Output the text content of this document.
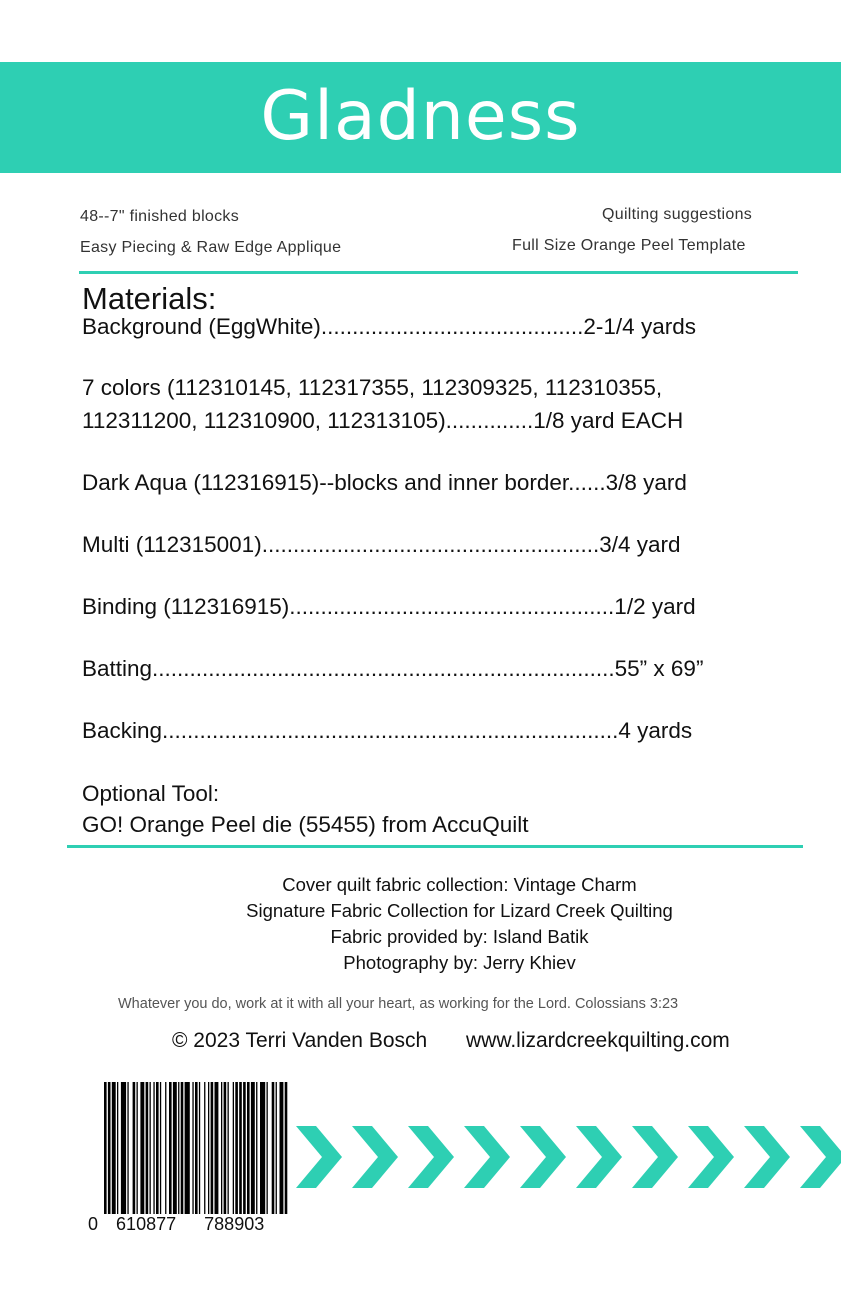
Gladness
48--7" finished blocks
Easy Piecing & Raw Edge Applique
Quilting suggestions
Full Size Orange Peel Template
Materials:
Background (EggWhite)..........................................2-1/4 yards
7 colors (112310145, 112317355, 112309325, 112310355,
112311200, 112310900, 112313105)..............1/8 yard EACH
Dark Aqua (112316915)--blocks and inner border......3/8 yard
Multi (112315001)......................................................3/4 yard
Binding (112316915)....................................................1/2 yard
Batting..........................................................................55” x 69”
Backing.........................................................................4 yards
Optional Tool:
GO! Orange Peel die (55455) from AccuQuilt
Cover quilt fabric collection: Vintage Charm
Signature Fabric Collection for Lizard Creek Quilting
Fabric provided by: Island Batik
Photography by: Jerry Khiev
Whatever you do, work at it with all your heart, as working for the Lord. Colossians 3:23
© 2023 Terri Vanden Bosch www.lizardcreekquilting.com
0 610877 788903
